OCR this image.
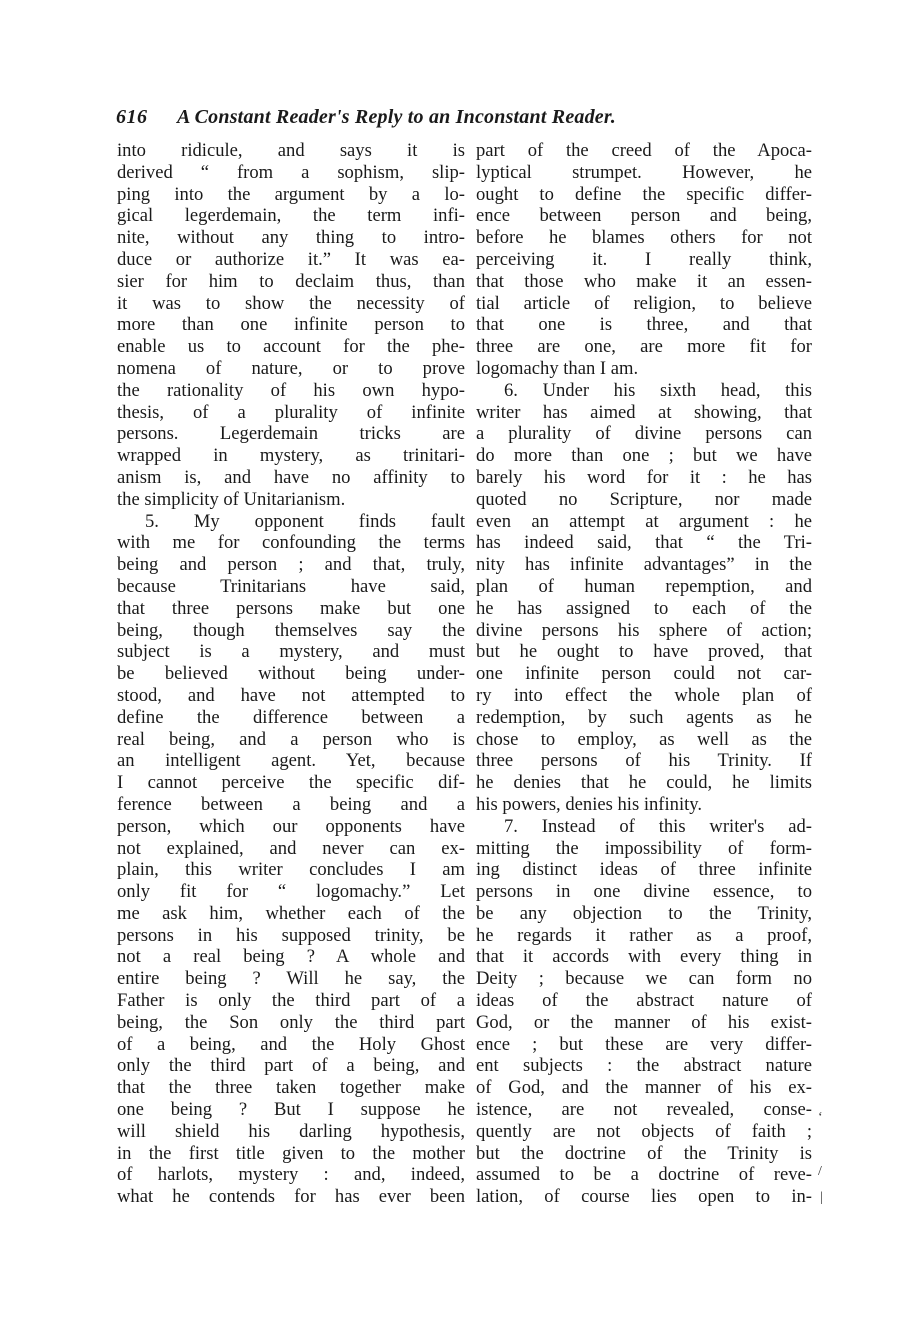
616 A Constant Reader's Reply to an Inconstant Reader.
into ridicule, and says it is
derived “ from a sophism, slip-
ping into the argument by a lo-
gical legerdemain, the term infi-
nite, without any thing to intro-
duce or authorize it.” It was ea-
sier for him to declaim thus, than
it was to show the necessity of
more than one infinite person to
enable us to account for the phe-
nomena of nature, or to prove
the rationality of his own hypo-
thesis, of a plurality of infinite
persons. Legerdemain tricks are
wrapped in mystery, as trinitari-
anism is, and have no affinity to
the simplicity of Unitarianism.
5. My opponent finds fault
with me for confounding the terms
being and person ; and that, truly,
because Trinitarians have said,
that three persons make but one
being, though themselves say the
subject is a mystery, and must
be believed without being under-
stood, and have not attempted to
define the difference between a
real being, and a person who is
an intelligent agent. Yet, because
I cannot perceive the specific dif-
ference between a being and a
person, which our opponents have
not explained, and never can ex-
plain, this writer concludes I am
only fit for “ logomachy.” Let
me ask him, whether each of the
persons in his supposed trinity, be
not a real being ? A whole and
entire being ? Will he say, the
Father is only the third part of a
being, the Son only the third part
of a being, and the Holy Ghost
only the third part of a being, and
that the three taken together make
one being ? But I suppose he
will shield his darling hypothesis,
in the first title given to the mother
of harlots, mystery : and, indeed,
what he contends for has ever been
part of the creed of the Apoca-
lyptical strumpet. However, he
ought to define the specific differ-
ence between person and being,
before he blames others for not
perceiving it. I really think,
that those who make it an essen-
tial article of religion, to believe
that one is three, and that
three are one, are more fit for
logomachy than I am.
6. Under his sixth head, this
writer has aimed at showing, that
a plurality of divine persons can
do more than one ; but we have
barely his word for it : he has
quoted no Scripture, nor made
even an attempt at argument : he
has indeed said, that “ the Tri-
nity has infinite advantages” in the
plan of human repemption, and
he has assigned to each of the
divine persons his sphere of action;
but he ought to have proved, that
one infinite person could not car-
ry into effect the whole plan of
redemption, by such agents as he
chose to employ, as well as the
three persons of his Trinity. If
he denies that he could, he limits
his powers, denies his infinity.
7. Instead of this writer's ad-
mitting the impossibility of form-
ing distinct ideas of three infinite
persons in one divine essence, to
be any objection to the Trinity,
he regards it rather as a proof,
that it accords with every thing in
Deity ; because we can form no
ideas of the abstract nature of
God, or the manner of his exist-
ence ; but these are very differ-
ent subjects : the abstract nature
of God, and the manner of his ex-
istence, are not revealed, conse-
quently are not objects of faith ;
but the doctrine of the Trinity is
assumed to be a doctrine of reve-
lation, of course lies open to in-
‘
/
|
